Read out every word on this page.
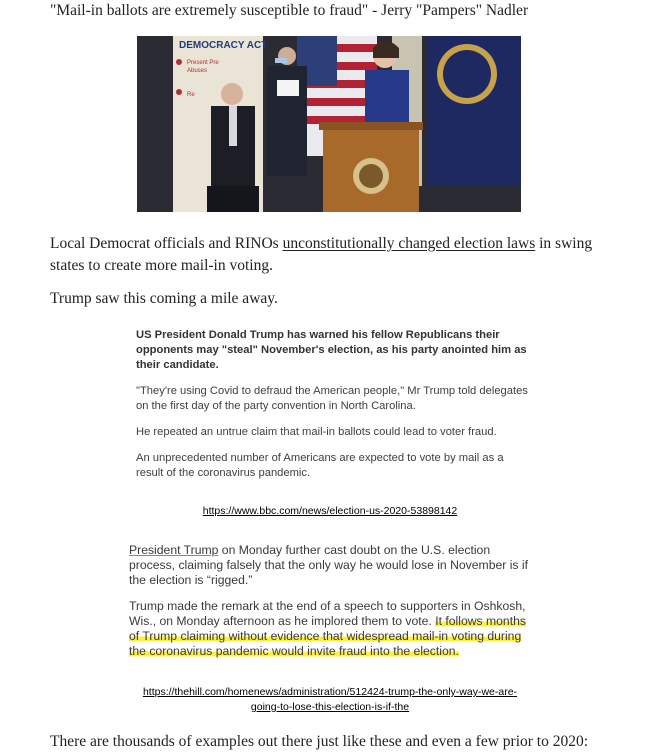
"Mail-in ballots are extremely susceptible to fraud" - Jerry "Pampers" Nadler
DEMOCRACY ACT
Present Pre
Abuses
Re
Local Democrat officials and RINOs unconstitutionally changed election laws in swing states to create more mail-in voting.
Trump saw this coming a mile away.

US President Donald Trump has warned his fellow Republicans their opponents may "steal" November's election, as his party anointed him as their candidate.

"They're using Covid to defraud the American people," Mr Trump told delegates on the first day of the party convention in North Carolina.

He repeated an untrue claim that mail-in ballots could lead to voter fraud.

An unprecedented number of Americans are expected to vote by mail as a result of the coronavirus pandemic.

https://www.bbc.com/news/election-us-2020-53898142

President Trump on Monday further cast doubt on the U.S. election process, claiming falsely that the only way he would lose in November is if the election is “rigged.”

Trump made the remark at the end of a speech to supporters in Oshkosh, Wis., on Monday afternoon as he implored them to vote. It follows months of Trump claiming without evidence that widespread mail-in voting during the coronavirus pandemic would invite fraud into the election.

https://thehill.com/homenews/administration/512424-trump-the-only-way-we-are-going-to-lose-this-election-is-if-the
There are thousands of examples out there just like these and even a few prior to 2020:
